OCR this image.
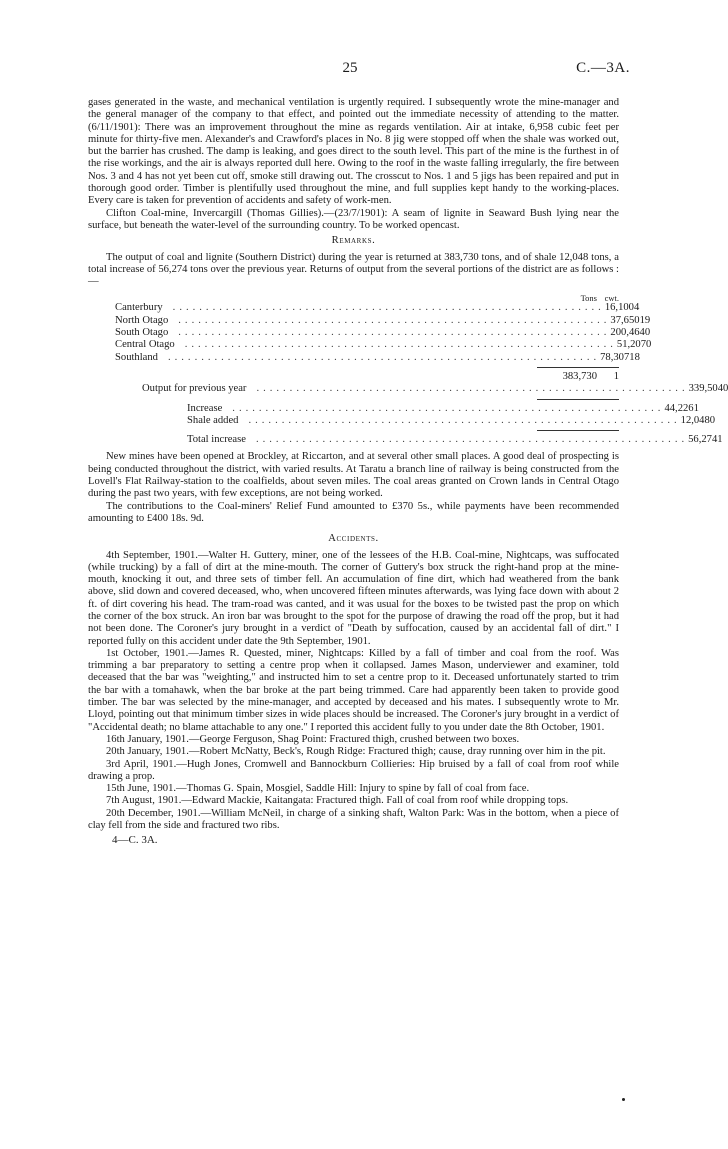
25	C.—3A.

gases generated in the waste, and mechanical ventilation is urgently required. I subsequently wrote the mine-manager and the general manager of the company to that effect, and pointed out the immediate necessity of attending to the matter. (6/11/1901): There was an improvement throughout the mine as regards ventilation. Air at intake, 6,958 cubic feet per minute for thirty-five men. Alexander's and Crawford's places in No. 8 jig were stopped off when the shale was worked out, but the barrier has crushed. The damp is leaking, and goes direct to the south level. This part of the mine is the furthest in of the rise workings, and the air is always reported dull here. Owing to the roof in the waste falling irregularly, the fire between Nos. 3 and 4 has not yet been cut off, smoke still drawing out. The crosscut to Nos. 1 and 5 jigs has been repaired and put in thorough good order. Timber is plentifully used throughout the mine, and full supplies kept handy to the working-places. Every care is taken for prevention of accidents and safety of work-men.

Clifton Coal-mine, Invercargill (Thomas Gillies).—(23/7/1901): A seam of lignite in Seaward Bush lying near the surface, but beneath the water-level of the surrounding country. To be worked opencast.

Remarks.

The output of coal and lignite (Southern District) during the year is returned at 383,730 tons, and of shale 12,048 tons, a total increase of 56,274 tons over the previous year. Returns of output from the several portions of the district are as follows :—

Tons cwt.
Canterbury ................................................................. 16,100 4
North Otago ................................................................. 37,650 19
South Otago ................................................................. 200,464 0
Central Otago ................................................................. 51,207 0
Southland ................................................................. 78,307 18
383,730	1
Output for previous year ................................................................. 339,504 0
Increase ................................................................. 44,226 1
Shale added ................................................................. 12,048 0
Total increase ................................................................. 56,274 1

New mines have been opened at Brockley, at Riccarton, and at several other small places. A good deal of prospecting is being conducted throughout the district, with varied results. At Taratu a branch line of railway is being constructed from the Lovell's Flat Railway-station to the coalfields, about seven miles. The coal areas granted on Crown lands in Central Otago during the past two years, with few exceptions, are not being worked.

The contributions to the Coal-miners' Relief Fund amounted to £370 5s., while payments have been recommended amounting to £400 18s. 9d.

Accidents.

4th September, 1901.—Walter H. Guttery, miner, one of the lessees of the H.B. Coal-mine, Nightcaps, was suffocated (while trucking) by a fall of dirt at the mine-mouth. The corner of Guttery's box struck the right-hand prop at the mine-mouth, knocking it out, and three sets of timber fell. An accumulation of fine dirt, which had weathered from the bank above, slid down and covered deceased, who, when uncovered fifteen minutes afterwards, was lying face down with about 2 ft. of dirt covering his head. The tram-road was canted, and it was usual for the boxes to be twisted past the prop on which the corner of the box struck. An iron bar was brought to the spot for the purpose of drawing the road off the prop, but it had not been done. The Coroner's jury brought in a verdict of "Death by suffocation, caused by an accidental fall of dirt." I reported fully on this accident under date the 9th September, 1901.

1st October, 1901.—James R. Quested, miner, Nightcaps: Killed by a fall of timber and coal from the roof. Was trimming a bar preparatory to setting a centre prop when it collapsed. James Mason, underviewer and examiner, told deceased that the bar was "weighting," and instructed him to set a centre prop to it. Deceased unfortunately started to trim the bar with a tomahawk, when the bar broke at the part being trimmed. Care had apparently been taken to provide good timber. The bar was selected by the mine-manager, and accepted by deceased and his mates. I subsequently wrote to Mr. Lloyd, pointing out that minimum timber sizes in wide places should be increased. The Coroner's jury brought in a verdict of "Accidental death; no blame attachable to any one." I reported this accident fully to you under date the 8th October, 1901.

16th January, 1901.—George Ferguson, Shag Point: Fractured thigh, crushed between two boxes.

20th January, 1901.—Robert McNatty, Beck's, Rough Ridge: Fractured thigh; cause, dray running over him in the pit.

3rd April, 1901.—Hugh Jones, Cromwell and Bannockburn Collieries: Hip bruised by a fall of coal from roof while drawing a prop.

15th June, 1901.—Thomas G. Spain, Mosgiel, Saddle Hill: Injury to spine by fall of coal from face.

7th August, 1901.—Edward Mackie, Kaitangata: Fractured thigh. Fall of coal from roof while dropping tops.

20th December, 1901.—William McNeil, in charge of a sinking shaft, Walton Park: Was in the bottom, when a piece of clay fell from the side and fractured two ribs.

4—C. 3A.
